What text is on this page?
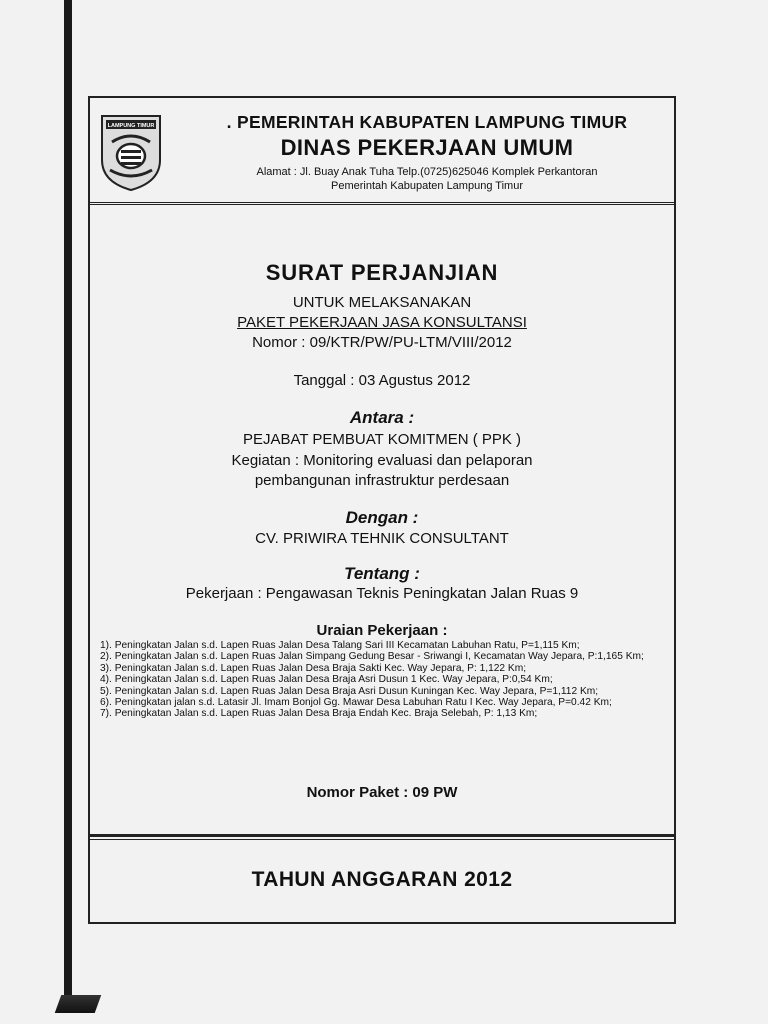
LAMPUNG TIMUR	. PEMERINTAH KABUPATEN LAMPUNG TIMUR
DINAS PEKERJAAN UMUM
Alamat : Jl. Buay Anak Tuha Telp.(0725)625046 Komplek Perkantoran
Pemerintah Kabupaten Lampung Timur
SURAT PERJANJIAN
UNTUK MELAKSANAKAN
PAKET PEKERJAAN JASA KONSULTANSI
Nomor : 09/KTR/PW/PU-LTM/VIII/2012
Tanggal : 03 Agustus 2012
Antara :
PEJABAT PEMBUAT KOMITMEN ( PPK )
Kegiatan : Monitoring evaluasi dan pelaporan
pembangunan infrastruktur perdesaan
Dengan :
CV. PRIWIRA TEHNIK CONSULTANT
Tentang :
Pekerjaan : Pengawasan Teknis Peningkatan Jalan Ruas 9
Uraian Pekerjaan :
1). Peningkatan Jalan s.d. Lapen Ruas Jalan Desa Talang Sari III Kecamatan Labuhan Ratu, P=1,115 Km;
2). Peningkatan Jalan s.d. Lapen Ruas Jalan Simpang Gedung Besar - Sriwangi I, Kecamatan Way Jepara, P:1,165 Km;
3). Peningkatan Jalan s.d. Lapen Ruas Jalan Desa Braja Sakti Kec. Way Jepara, P: 1,122 Km;
4). Peningkatan Jalan s.d. Lapen Ruas Jalan Desa Braja Asri Dusun 1 Kec. Way Jepara, P:0,54 Km;
5). Peningkatan Jalan s.d. Lapen Ruas Jalan Desa Braja Asri Dusun Kuningan Kec. Way Jepara, P=1,112 Km;
6). Peningkatan jalan s.d. Latasir Jl. Imam Bonjol Gg. Mawar Desa Labuhan Ratu I Kec. Way Jepara, P=0.42 Km;
7). Peningkatan Jalan s.d. Lapen Ruas Jalan Desa Braja Endah Kec. Braja Selebah, P: 1,13 Km;
Nomor Paket : 09 PW
TAHUN ANGGARAN 2012
